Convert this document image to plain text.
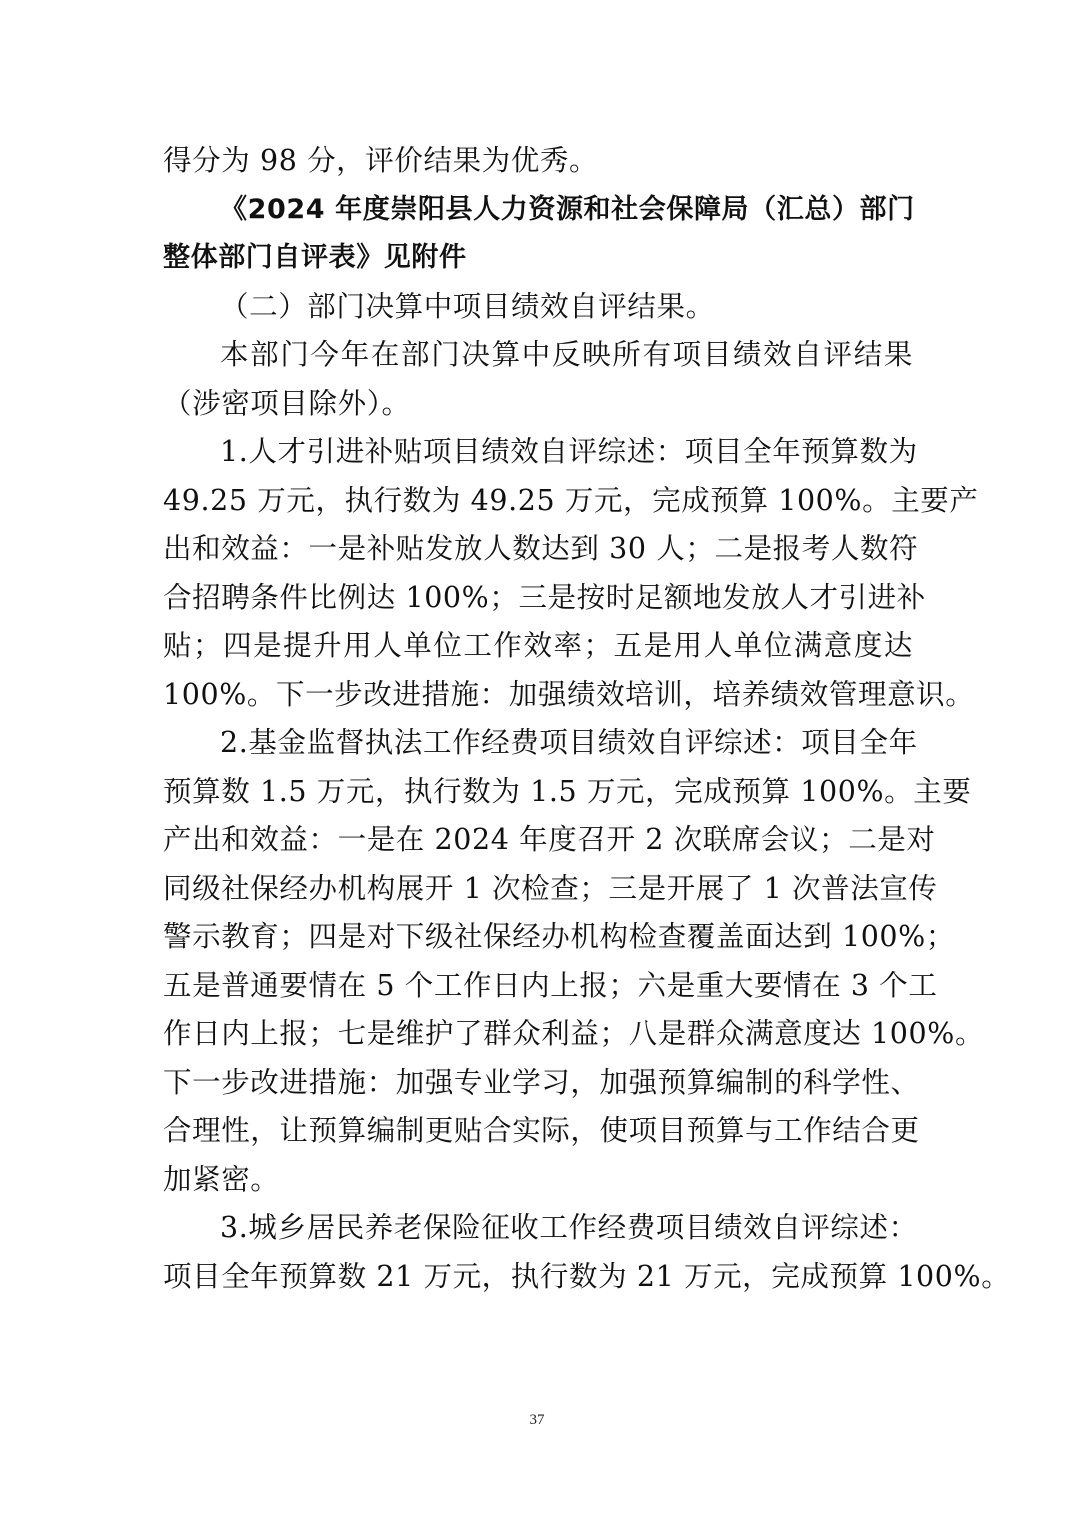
得分为 98 分，评价结果为优秀。
《2024 年度崇阳县人力资源和社会保障局（汇总）部门
整体部门自评表》见附件
（二）部门决算中项目绩效自评结果。
本部门今年在部门决算中反映所有项目绩效自评结果
（涉密项目除外）。
1.人才引进补贴项目绩效自评综述：项目全年预算数为
49.25 万元，执行数为 49.25 万元，完成预算 100%。主要产
出和效益：一是补贴发放人数达到 30 人；二是报考人数符
合招聘条件比例达 100%；三是按时足额地发放人才引进补
贴；四是提升用人单位工作效率；五是用人单位满意度达
100%。下一步改进措施：加强绩效培训，培养绩效管理意识。
2.基金监督执法工作经费项目绩效自评综述：项目全年
预算数 1.5 万元，执行数为 1.5 万元，完成预算 100%。主要
产出和效益：一是在 2024 年度召开 2 次联席会议；二是对
同级社保经办机构展开 1 次检查；三是开展了 1 次普法宣传
警示教育；四是对下级社保经办机构检查覆盖面达到 100%；
五是普通要情在 5 个工作日内上报；六是重大要情在 3 个工
作日内上报；七是维护了群众利益；八是群众满意度达 100%。
下一步改进措施：加强专业学习，加强预算编制的科学性、
合理性，让预算编制更贴合实际，使项目预算与工作结合更
加紧密。
3.城乡居民养老保险征收工作经费项目绩效自评综述：
项目全年预算数 21 万元，执行数为 21 万元，完成预算 100%。
37
